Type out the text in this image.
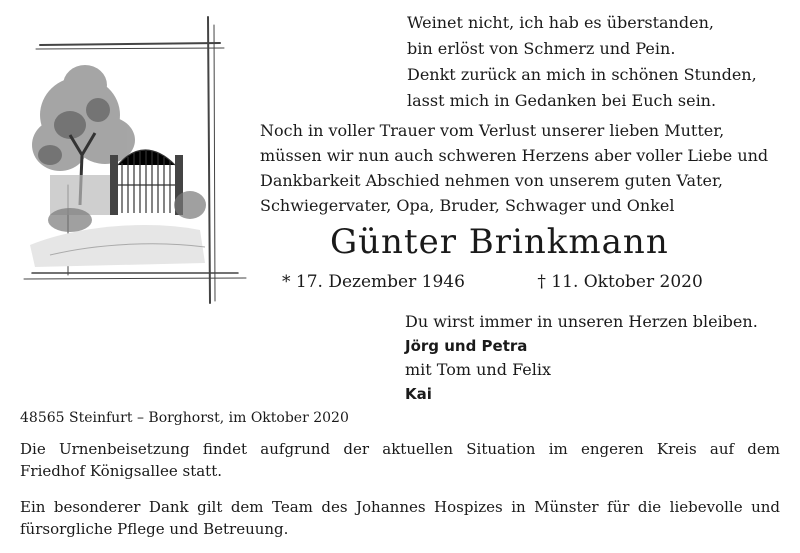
Weinet nicht, ich hab es überstanden,
bin erlöst von Schmerz und Pein.
Denkt zurück an mich in schönen Stunden,
lasst mich in Gedanken bei Euch sein.
Noch in voller Trauer vom Verlust unserer lieben Mutter,
müssen wir nun auch schweren Herzens aber voller Liebe und
Dankbarkeit Abschied nehmen von unserem guten Vater,
Schwiegervater, Opa, Bruder, Schwager und Onkel
Günter Brinkmann
* 17. Dezember 1946	† 11. Oktober 2020
Du wirst immer in unseren Herzen bleiben.
Jörg und Petra
mit Tom und Felix
Kai
48565 Steinfurt – Borghorst, im Oktober 2020
Die Urnenbeisetzung findet aufgrund der aktuellen Situation im engeren Kreis auf dem
Friedhof Königsallee statt.
Ein besonderer Dank gilt dem Team des Johannes Hospizes in Münster für die liebevolle und
fürsorgliche Pflege und Betreuung.
